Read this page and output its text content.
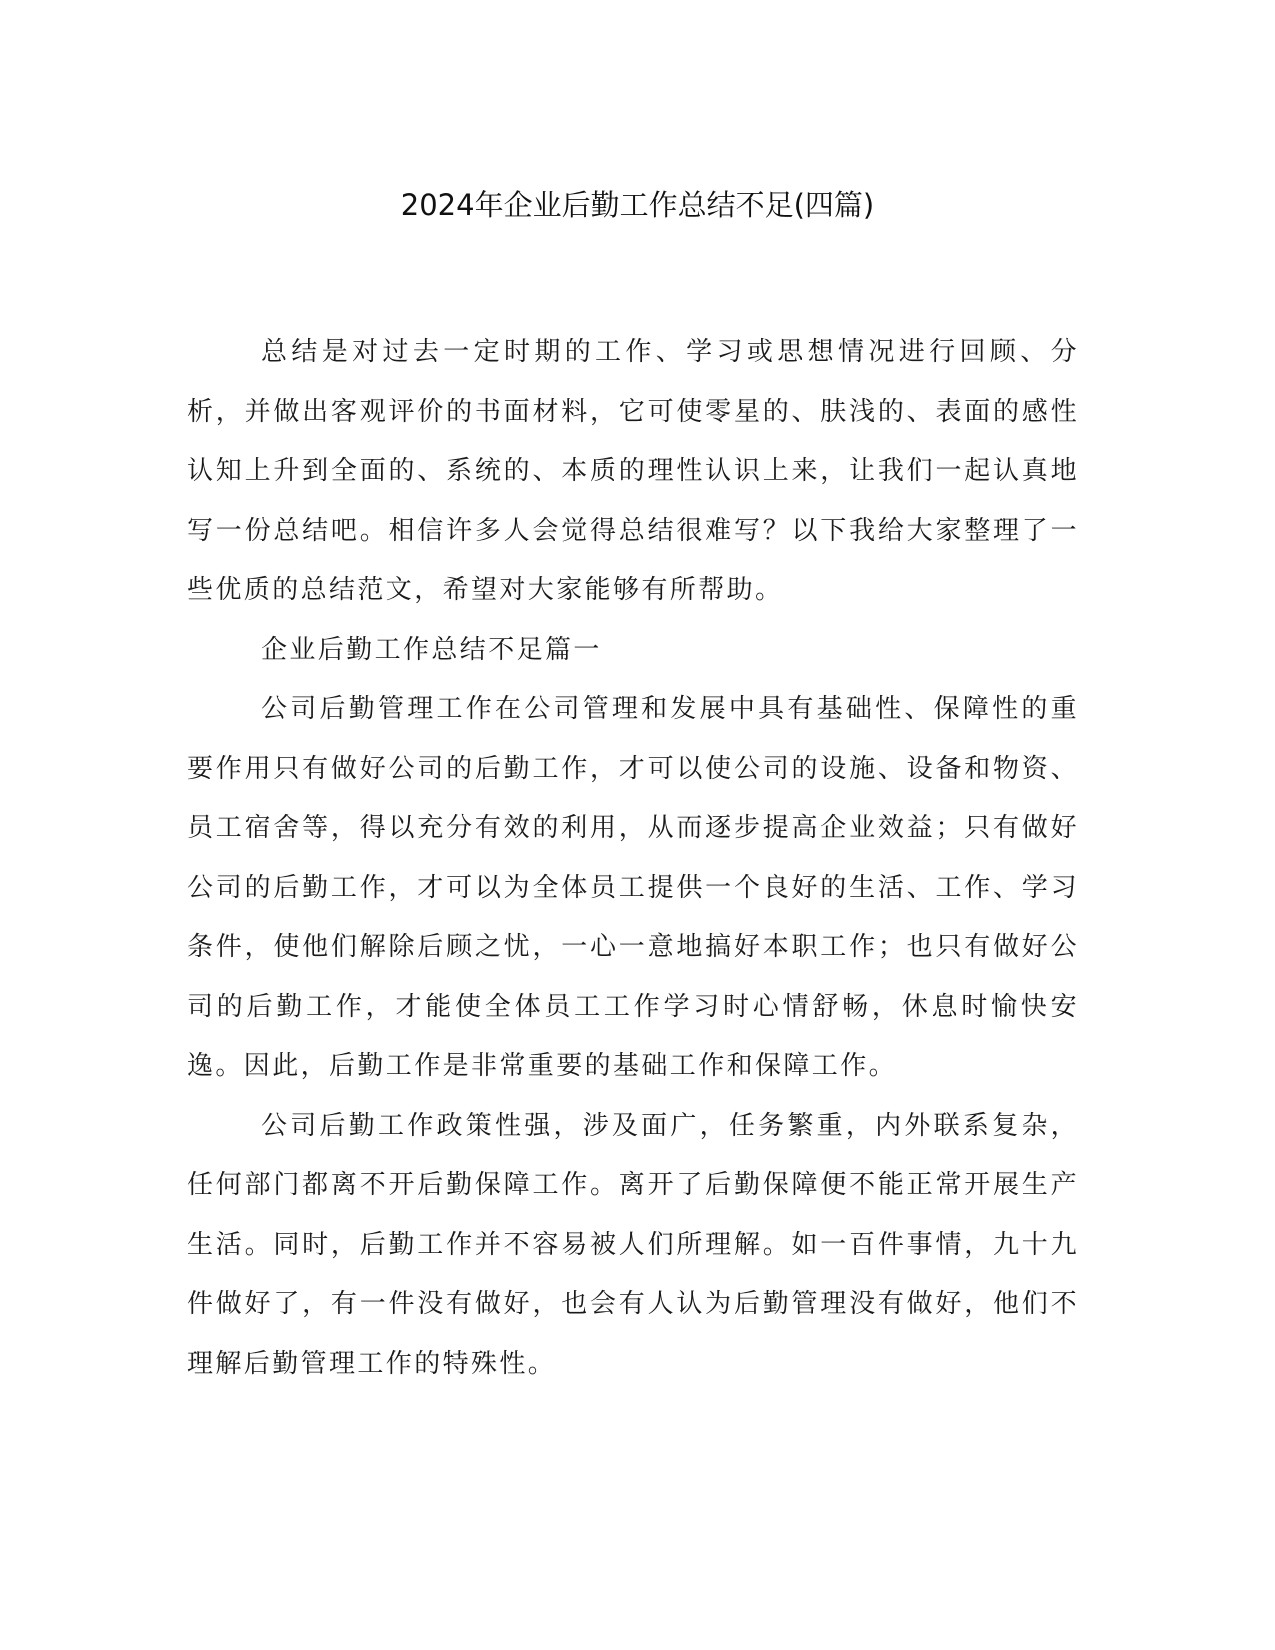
2024年企业后勤工作总结不足(四篇)

总结是对过去一定时期的工作、学习或思想情况进行回顾、分析，并做出客观评价的书面材料，它可使零星的、肤浅的、表面的感性认知上升到全面的、系统的、本质的理性认识上来，让我们一起认真地写一份总结吧。相信许多人会觉得总结很难写？以下我给大家整理了一些优质的总结范文，希望对大家能够有所帮助。

企业后勤工作总结不足篇一

公司后勤管理工作在公司管理和发展中具有基础性、保障性的重要作用只有做好公司的后勤工作，才可以使公司的设施、设备和物资、员工宿舍等，得以充分有效的利用，从而逐步提高企业效益；只有做好公司的后勤工作，才可以为全体员工提供一个良好的生活、工作、学习条件，使他们解除后顾之忧，一心一意地搞好本职工作；也只有做好公司的后勤工作，才能使全体员工工作学习时心情舒畅，休息时愉快安逸。因此，后勤工作是非常重要的基础工作和保障工作。

公司后勤工作政策性强，涉及面广，任务繁重，内外联系复杂，任何部门都离不开后勤保障工作。离开了后勤保障便不能正常开展生产生活。同时，后勤工作并不容易被人们所理解。如一百件事情，九十九件做好了，有一件没有做好，也会有人认为后勤管理没有做好，他们不理解后勤管理工作的特殊性。
